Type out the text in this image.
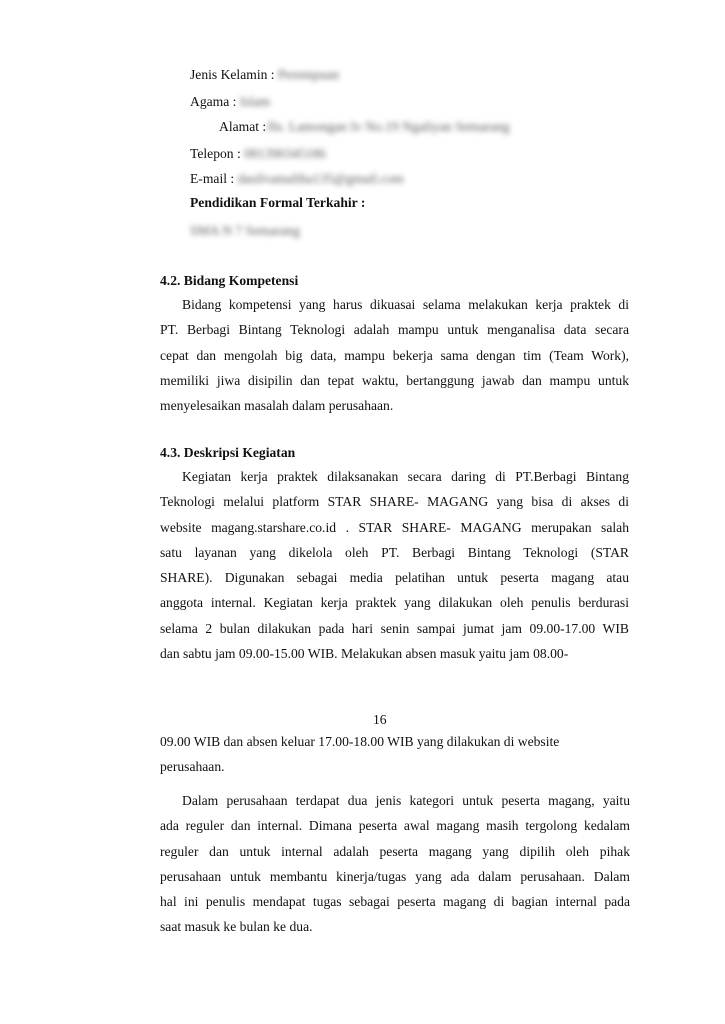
Jenis Kelamin : Perempuan
Agama : Islam
Alamat :Jln. Lamongan Iv No.19 Ngaliyan Semarang
Telepon : 081390345186
E-mail : dasilvamaliha135@gmail.com
Pendidikan Formal Terkahir :
SMA N 7 Semarang
4.2. Bidang Kompetensi
Bidang kompetensi yang harus dikuasai selama melakukan kerja praktek di
PT. Berbagi Bintang Teknologi adalah mampu untuk menganalisa data secara
cepat dan mengolah big data, mampu bekerja sama dengan tim (Team Work),
memiliki jiwa disipilin dan tepat waktu, bertanggung jawab dan mampu untuk
menyelesaikan masalah dalam perusahaan.
4.3. Deskripsi Kegiatan
Kegiatan kerja praktek dilaksanakan secara daring di PT.Berbagi Bintang
Teknologi melalui platform STAR SHARE- MAGANG yang bisa di akses di
website magang.starshare.co.id . STAR SHARE- MAGANG merupakan salah
satu layanan yang dikelola oleh PT. Berbagi Bintang Teknologi (STAR
SHARE). Digunakan sebagai media pelatihan untuk peserta magang atau
anggota internal. Kegiatan kerja praktek yang dilakukan oleh penulis berdurasi
selama 2 bulan dilakukan pada hari senin sampai jumat jam 09.00-17.00 WIB
dan sabtu jam 09.00-15.00 WIB. Melakukan absen masuk yaitu jam 08.00-
16
09.00 WIB dan absen keluar 17.00-18.00 WIB yang dilakukan di website
perusahaan.
Dalam perusahaan terdapat dua jenis kategori untuk peserta magang, yaitu
ada reguler dan internal. Dimana peserta awal magang masih tergolong kedalam
reguler dan untuk internal adalah peserta magang yang dipilih oleh pihak
perusahaan untuk membantu kinerja/tugas yang ada dalam perusahaan. Dalam
hal ini penulis mendapat tugas sebagai peserta magang di bagian internal pada
saat masuk ke bulan ke dua.
